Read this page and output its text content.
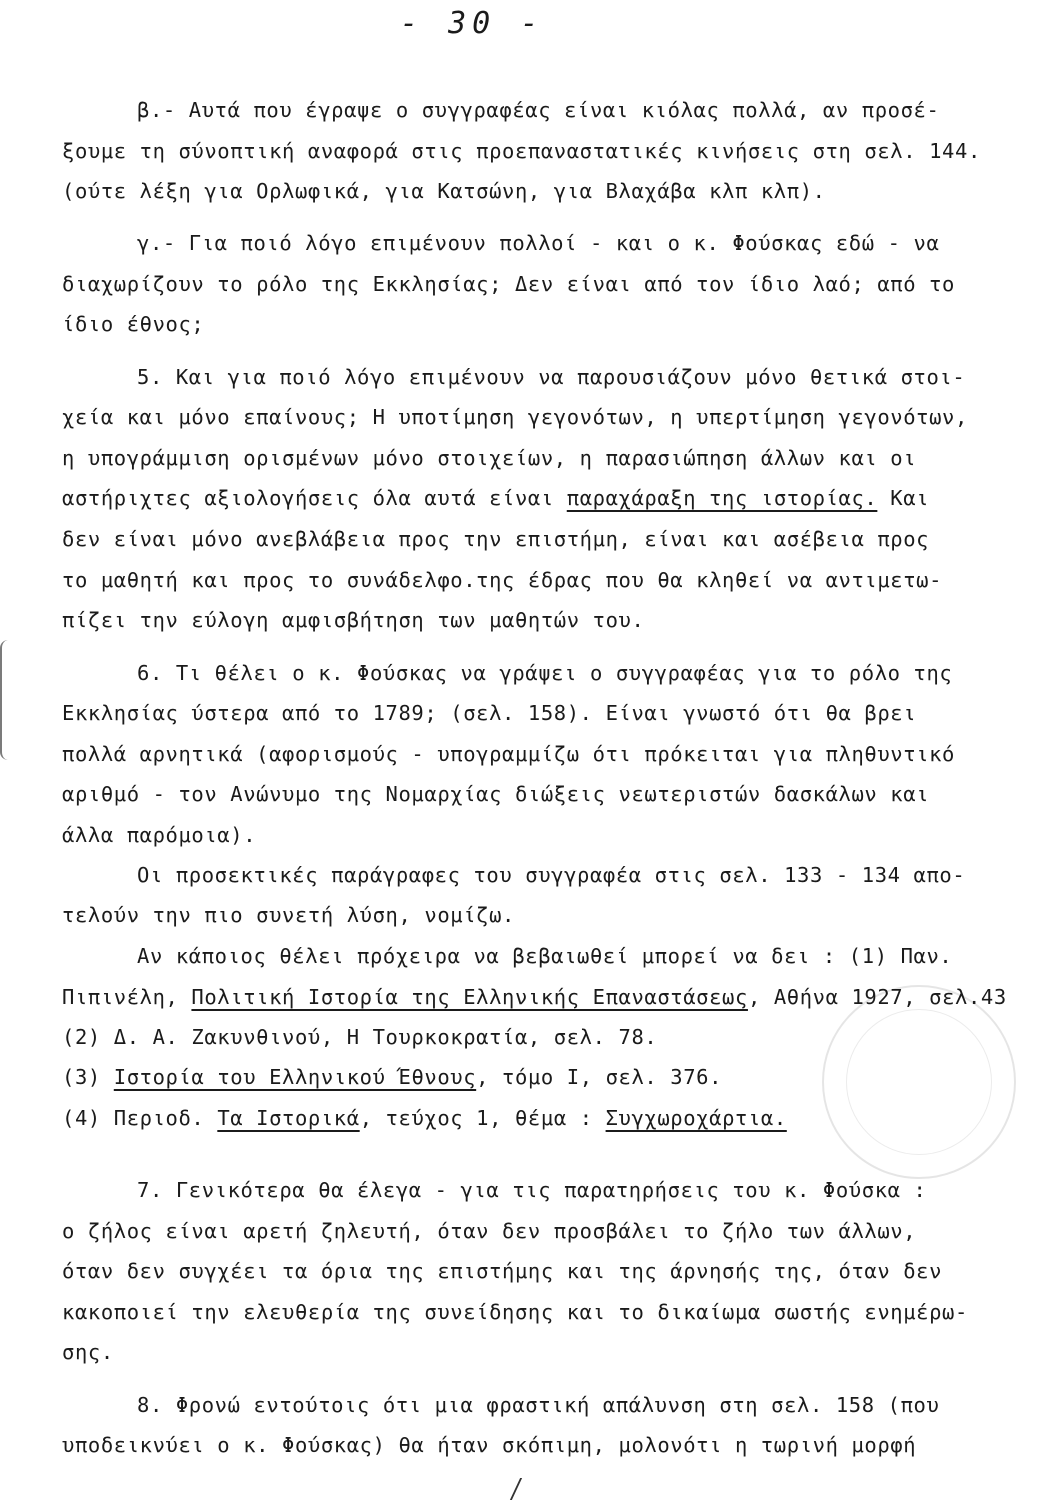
- 30 -
β.- Αυτά που έγραψε ο συγγραφέας είναι κιόλας πολλά, αν προσέ-
ξουμε τη σύνοπτική αναφορά στις προεπαναστατικές κινήσεις στη σελ. 144.
(ούτε λέξη για Ορλωφικά, για Κατσώνη, για Βλαχάβα κλπ κλπ).
γ.- Για ποιό λόγο επιμένουν πολλοί - και ο κ. Φούσκας εδώ - να
διαχωρίζουν το ρόλο της Εκκλησίας; Δεν είναι από τον ίδιο λαό; από το
ίδιο έθνος;
5. Και για ποιό λόγο επιμένουν να παρουσιάζουν μόνο θετικά στοι-
χεία και μόνο επαίνους; Η υποτίμηση γεγονότων, η υπερτίμηση γεγονότων,
η υπογράμμιση ορισμένων μόνο στοιχείων, η παρασιώπηση άλλων και οι
αστήριχτες αξιολογήσεις όλα αυτά είναι παραχάραξη της ιστορίας. Και
δεν είναι μόνο ανεβλάβεια προς την επιστήμη, είναι και ασέβεια προς
το μαθητή και προς το συνάδελφο.της έδρας που θα κληθεί να αντιμετω-
πίζει την εύλογη αμφισβήτηση των μαθητών του.
6. Τι θέλει ο κ. Φούσκας να γράψει ο συγγραφέας για το ρόλο της
Εκκλησίας ύστερα από το 1789; (σελ. 158). Είναι γνωστό ότι θα βρει
πολλά αρνητικά (αφορισμούς - υπογραμμίζω ότι πρόκειται για πληθυντικό
αριθμό - τον Ανώνυμο της Νομαρχίας διώξεις νεωτεριστών δασκάλων και
άλλα παρόμοια).
Οι προσεκτικές παράγραφες του συγγραφέα στις σελ. 133 - 134 απο-
τελούν την πιο συνετή λύση, νομίζω.
Αν κάποιος θέλει πρόχειρα να βεβαιωθεί μπορεί να δει : (1) Παν.
Πιπινέλη, Πολιτική Ιστορία της Ελληνικής Επαναστάσεως, Αθήνα 1927, σελ.43
(2) Δ. Α. Ζακυνθινού, Η Τουρκοκρατία, σελ. 78.
(3) Ιστορία του Ελληνικού Έθνους, τόμο Ι, σελ. 376.
(4) Περιοδ. Τα Ιστορικά, τεύχος 1, θέμα : Συγχωροχάρτια.
7. Γενικότερα θα έλεγα - για τις παρατηρήσεις του κ. Φούσκα :
ο ζήλος είναι αρετή ζηλευτή, όταν δεν προσβάλει το ζήλο των άλλων,
όταν δεν συγχέει τα όρια της επιστήμης και της άρνησής της, όταν δεν
κακοποιεί την ελευθερία της συνείδησης και το δικαίωμα σωστής ενημέρω-
σης.
8. Φρονώ εντούτοις ότι μια φραστική απάλυνση στη σελ. 158 (που
υποδεικνύει ο κ. Φούσκας) θα ήταν σκόπιμη, μολονότι η τωρινή μορφή
